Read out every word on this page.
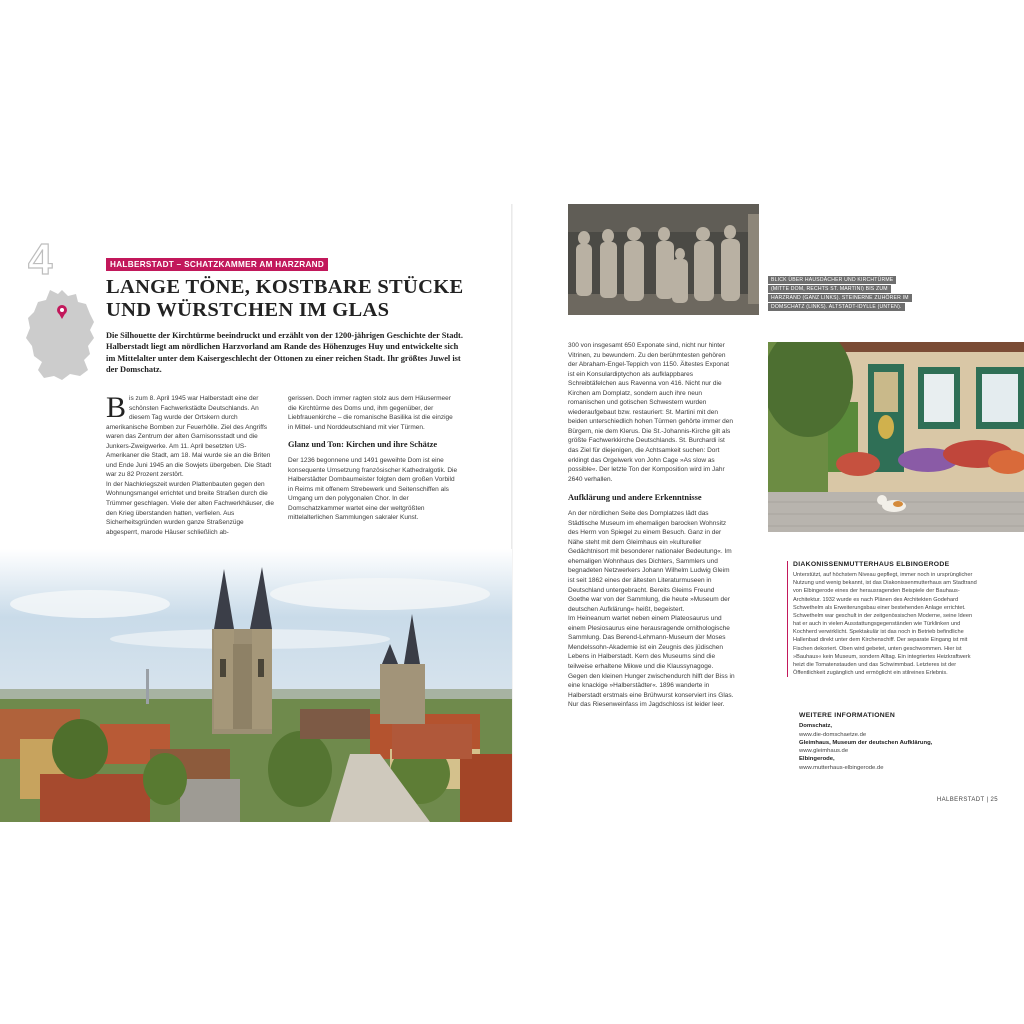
4	HALBERSTADT – SCHATZKAMMER AM HARZRAND
LANGE TÖNE, KOSTBARE STÜCKE
UND WÜRSTCHEN IM GLAS

Die Silhouette der Kirchtürme beeindruckt und erzählt von der 1200-jährigen Geschichte der Stadt. Halberstadt liegt am nördlichen Harzvorland am Rande des Höhenzuges Huy und entwickelte sich im Mittelalter unter dem Kaisergeschlecht der Ottonen zu einer reichen Stadt. Ihr größtes Juwel ist der Domschatz.

Bis zum 8. April 1945 war Halberstadt eine der schönsten Fachwerkstädte Deutschlands. An diesem Tag wurde der Ortskern durch amerikanische Bomben zur Feuerhölle. Ziel des Angriffs waren das Zentrum der alten Garnisonsstadt und die Junkers-Zweigwerke. Am 11. April besetzten US-Amerikaner die Stadt, am 18. Mai wurde sie an die Briten und Ende Juni 1945 an die Sowjets übergeben. Die Stadt war zu 82 Prozent zerstört.

In der Nachkriegszeit wurden Plattenbauten gegen den Wohnungsmangel errichtet und breite Straßen durch die Trümmer geschlagen. Viele der alten Fachwerkhäuser, die den Krieg überstanden hatten, verfielen. Aus Sicherheitsgründen wurden ganze Straßenzüge abgesperrt, marode Häuser schließlich ab-

gerissen. Doch immer ragten stolz aus dem Häusermeer die Kirchtürme des Doms und, ihm gegenüber, der Liebfrauenkirche – die romanische Basilika ist die einzige in Mittel- und Norddeutschland mit vier Türmen.

Glanz und Ton: Kirchen und ihre Schätze

Der 1236 begonnene und 1491 geweihte Dom ist eine konsequente Umsetzung französischer Kathedralgotik. Die Halberstädter Dombaumeister folgten dem großen Vorbild in Reims mit offenem Strebewerk und Seitenschiffen als Umgang um den polygonalen Chor. In der Domschatzkammer wartet eine der weltgrößten mittelalterlichen Sammlungen sakraler Kunst.

BLICK ÜBER HAUSDÄCHER UND KIRCHTÜRME
(MITTE DOM, RECHTS ST. MARTINI) BIS ZUM
HARZRAND (GANZ LINKS). STEINERNE ZUHÖRER IM
DOMSCHATZ (LINKS). ALTSTADT-IDYLLE (UNTEN).

300 von insgesamt 650 Exponate sind, nicht nur hinter Vitrinen, zu bewundern. Zu den berühmtesten gehören der Abraham-Engel-Teppich von 1150. Ältestes Exponat ist ein Konsulardiptychon als aufklappbares Schreibtäfelchen aus Ravenna von 416. Nicht nur die Kirchen am Domplatz, sondern auch ihre neun romanischen und gotischen Schwestern wurden wiederaufgebaut bzw. restauriert: St. Martini mit den beiden unterschiedlich hohen Türmen gehörte immer den Bürgern, nie dem Klerus. Die St.-Johannis-Kirche gilt als größte Fachwerkkirche Deutschlands. St. Burchardi ist das Ziel für diejenigen, die Achtsamkeit suchen: Dort erklingt das Orgelwerk von John Cage »As slow as possible«. Der letzte Ton der Komposition wird im Jahr 2640 verhallen.

Aufklärung und andere Erkenntnisse

An der nördlichen Seite des Domplatzes lädt das Städtische Museum im ehemaligen barocken Wohnsitz des Herrn von Spiegel zu einem Besuch. Ganz in der Nähe steht mit dem Gleimhaus ein »kultureller Gedächtnisort mit besonderer nationaler Bedeutung«. Im ehemaligen Wohnhaus des Dichters, Sammlers und begnadeten Netzwerkers Johann Wilhelm Ludwig Gleim ist seit 1862 eines der ältesten Literaturmuseen in Deutschland untergebracht. Bereits Gleims Freund Goethe war von der Sammlung, die heute »Museum der deutschen Aufklärung« heißt, begeistert.

Im Heineanum wartet neben einem Plateosaurus und einem Plesiosaurus eine herausragende ornithologische Sammlung. Das Berend-Lehmann-Museum der Moses Mendelssohn-Akademie ist ein Zeugnis des jüdischen Lebens in Halberstadt. Kern des Museums sind die teilweise erhaltene Mikwe und die Klaussynagoge.

Gegen den kleinen Hunger zwischendurch hilft der Biss in eine knackige »Halberstädter«. 1896 wanderte in Halberstadt erstmals eine Brühwurst konserviert ins Glas. Nur das Riesenweinfass im Jagdschloss ist leider leer.

DIAKONISSENMUTTERHAUS ELBINGERODE

Unterstützt, auf höchstem Niveau gepflegt, immer noch in ursprünglicher Nutzung und wenig bekannt, ist das Diakonissenmutterhaus am Stadtrand von Elbingerode eines der herausragenden Beispiele der Bauhaus-Architektur. 1932 wurde es nach Plänen des Architekten Godehard Schwethelm als Erweiterungsbau einer bestehenden Anlage errichtet. Schwethelm war geschult in der zeitgenössischen Moderne, seine Ideen hat er auch in vielen Ausstattungsgegenständen wie Türklinken und Kochherd verwirklicht. Spektakulär ist das noch in Betrieb befindliche Hallenbad direkt unter dem Kirchenschiff. Der separate Eingang ist mit Fischen dekoriert. Oben wird gebetet, unten geschwommen. Hier ist »Bauhaus« kein Museum, sondern Alltag. Ein integriertes Heizkraftwerk heizt die Tomatenstauden und das Schwimmbad. Letzteres ist der Öffentlichkeit zugänglich und ermöglicht ein stilreines Erlebnis.

WEITERE INFORMATIONEN
Domschatz,
www.die-domschaetze.de
Gleimhaus, Museum der deutschen Aufklärung,
www.gleimhaus.de
Elbingerode,
www.mutterhaus-elbingerode.de
HALBERSTADT | 25
